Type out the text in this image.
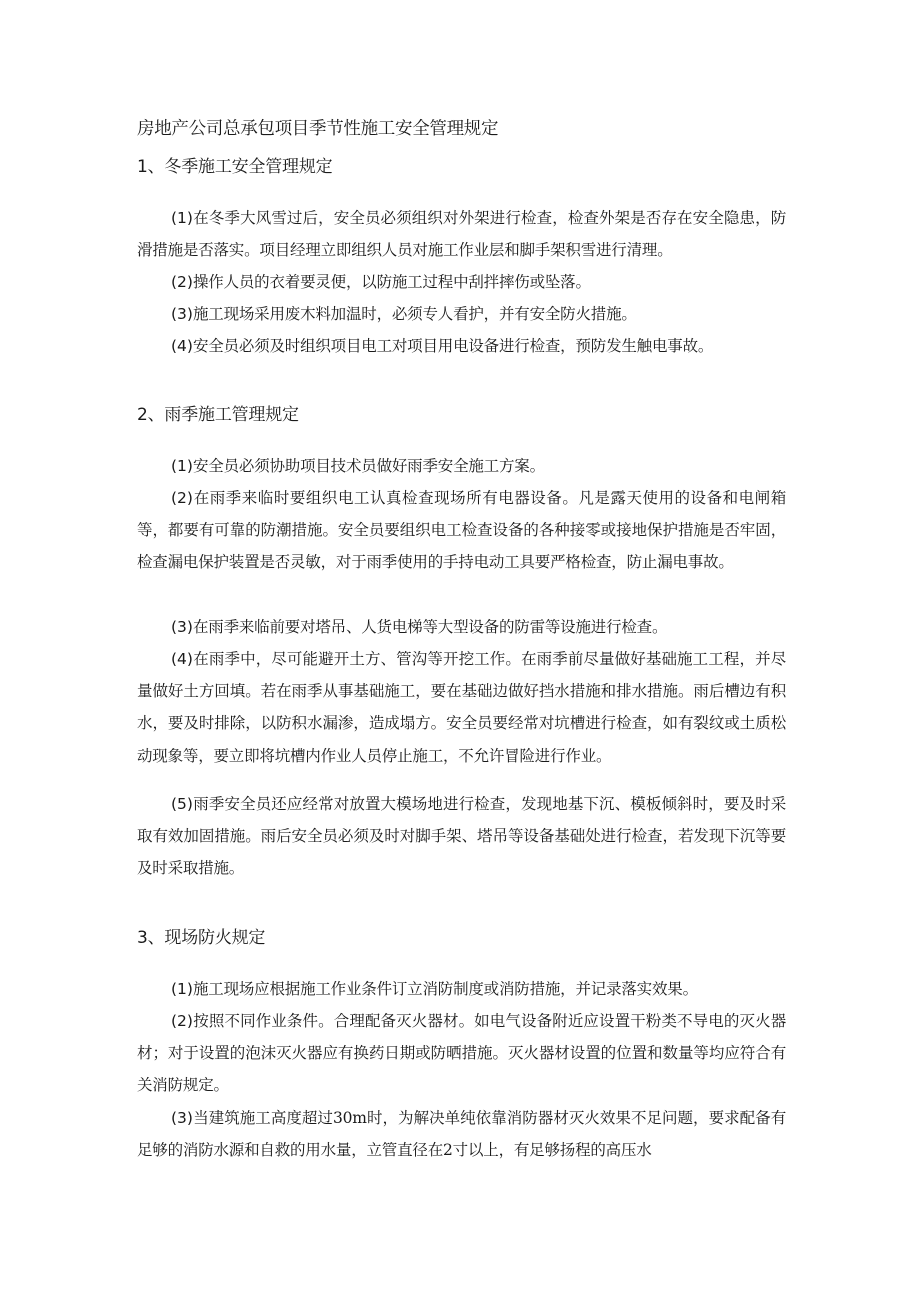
房地产公司总承包项目季节性施工安全管理规定
1、冬季施工安全管理规定

(1)在冬季大风雪过后，安全员必须组织对外架进行检查，检查外架是否存在安全隐患，防滑措施是否落实。项目经理立即组织人员对施工作业层和脚手架积雪进行清理。

(2)操作人员的衣着要灵便，以防施工过程中刮拌摔伤或坠落。

(3)施工现场采用废木料加温时，必须专人看护，并有安全防火措施。

(4)安全员必须及时组织项目电工对项目用电设备进行检查，预防发生触电事故。

2、雨季施工管理规定

(1)安全员必须协助项目技术员做好雨季安全施工方案。

(2)在雨季来临时要组织电工认真检查现场所有电器设备。凡是露天使用的设备和电闸箱等，都要有可靠的防潮措施。安全员要组织电工检查设备的各种接零或接地保护措施是否牢固，检查漏电保护装置是否灵敏，对于雨季使用的手持电动工具要严格检查，防止漏电事故。

(3)在雨季来临前要对塔吊、人货电梯等大型设备的防雷等设施进行检查。

(4)在雨季中，尽可能避开土方、管沟等开挖工作。在雨季前尽量做好基础施工工程，并尽量做好土方回填。若在雨季从事基础施工，要在基础边做好挡水措施和排水措施。雨后槽边有积水，要及时排除，以防积水漏渗，造成塌方。安全员要经常对坑槽进行检查，如有裂纹或土质松动现象等，要立即将坑槽内作业人员停止施工，不允许冒险进行作业。

(5)雨季安全员还应经常对放置大模场地进行检查，发现地基下沉、模板倾斜时，要及时采取有效加固措施。雨后安全员必须及时对脚手架、塔吊等设备基础处进行检查，若发现下沉等要及时采取措施。

3、现场防火规定

(1)施工现场应根据施工作业条件订立消防制度或消防措施，并记录落实效果。

(2)按照不同作业条件。合理配备灭火器材。如电气设备附近应设置干粉类不导电的灭火器材；对于设置的泡沫灭火器应有换药日期或防晒措施。灭火器材设置的位置和数量等均应符合有关消防规定。

(3)当建筑施工高度超过30m时，为解决单纯依靠消防器材灭火效果不足问题，要求配备有足够的消防水源和自救的用水量，立管直径在2寸以上，有足够扬程的高压水
